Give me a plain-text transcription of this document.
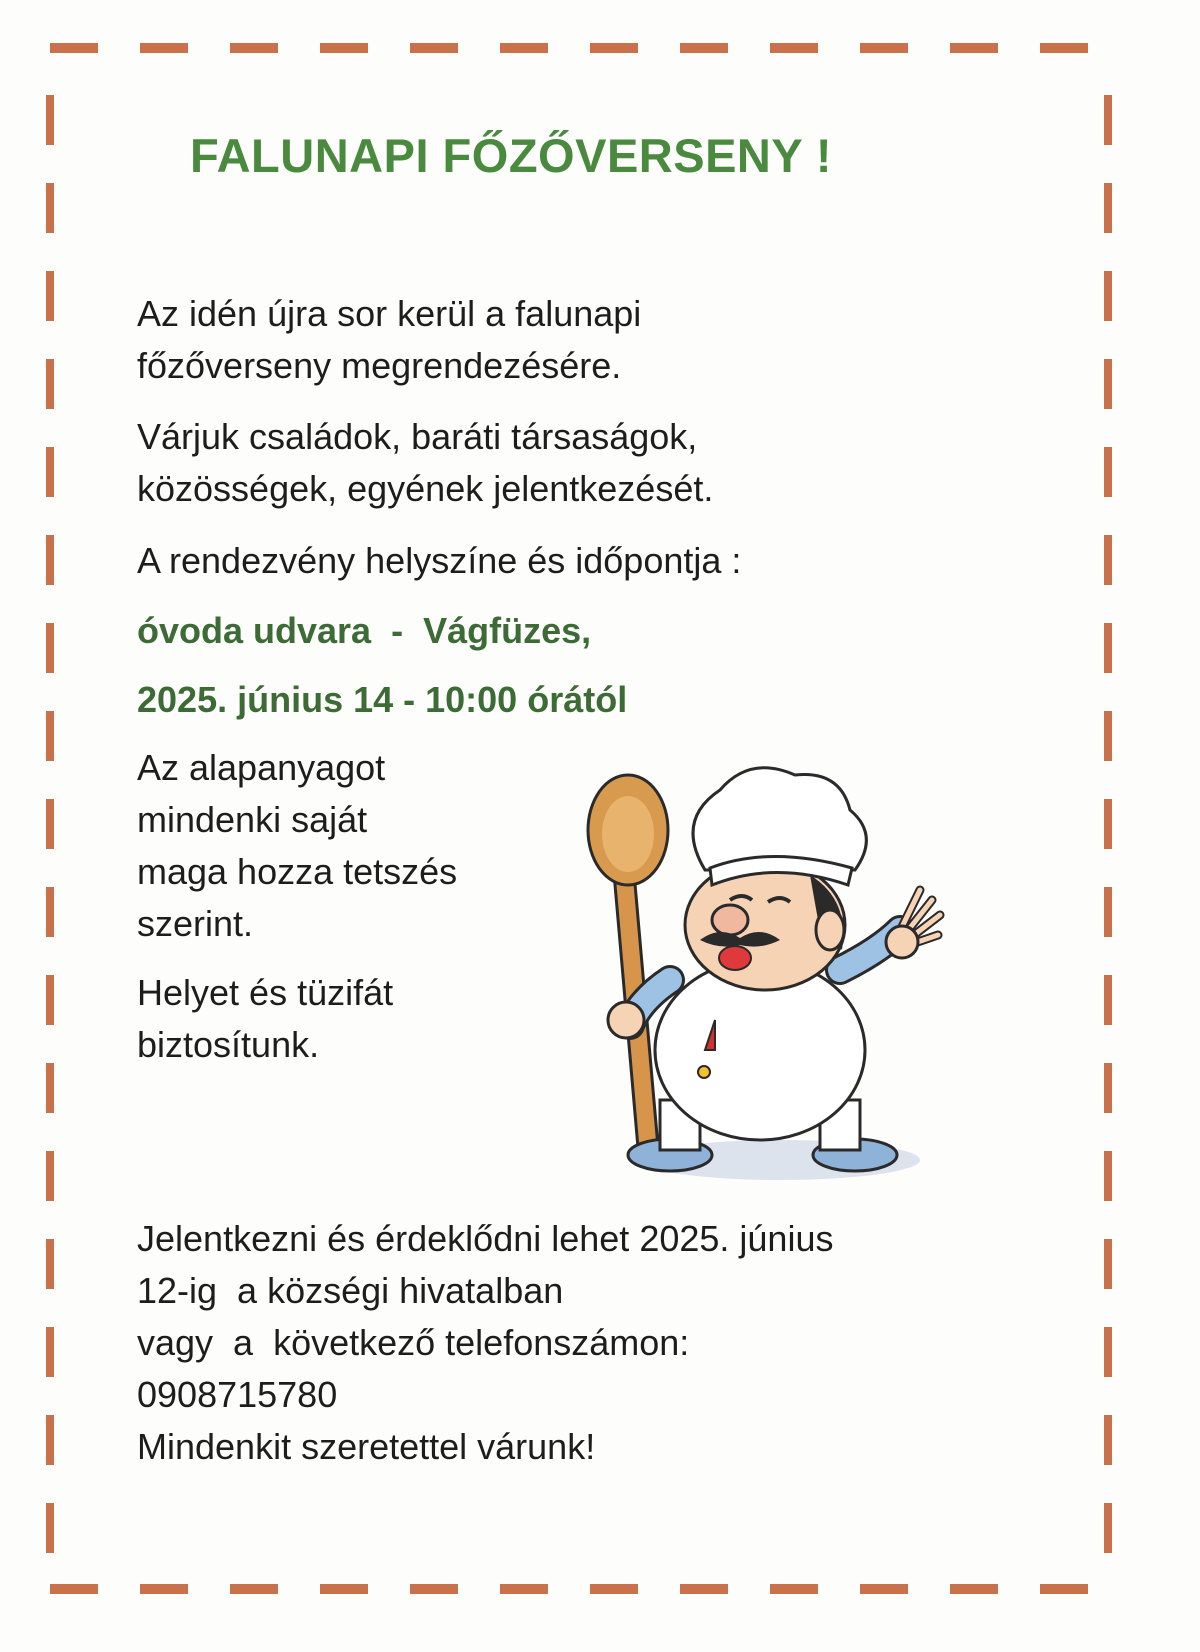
FALUNAPI FŐZŐVERSENY !

Az idén újra sor kerül a falunapi

főzőverseny megrendezésére.

Várjuk családok, baráti társaságok,

közösségek, egyének jelentkezését.

A rendezvény helyszíne és időpontja :

óvoda udvara  -  Vágfüzes,

2025. június 14 - 10:00 órától

Az alapanyagot

mindenki saját

maga hozza tetszés

szerint.

Helyet és tüzifát

biztosítunk.

Jelentkezni és érdeklődni lehet 2025. június

12-ig  a községi hivatalban

vagy  a  következő telefonszámon:

0908715780

Mindenkit szeretettel várunk!
